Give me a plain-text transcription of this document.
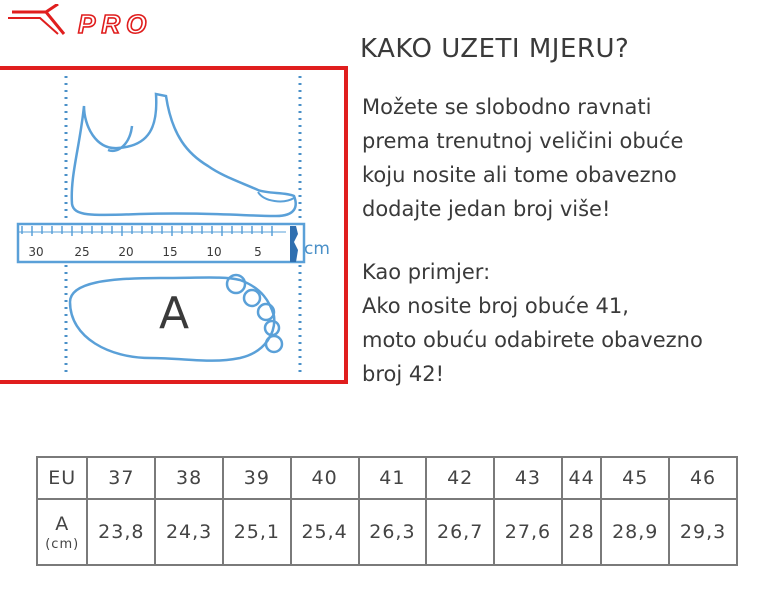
PRO
KAKO UZETI MJERU?
Možete se slobodno ravnati
prema trenutnoj veličini obuće
koju nosite ali tome obavezno
dodajte jedan broj više!
Kao primjer:
Ako nosite broj obuće 41,
moto obuću odabirete obavezno
broj 42!
30	25 20 15 10	5 cm
A
EU	37	38	39	40	41	42	43	44	45	46

A
(cm)	23,8	24,3	25,1	25,4	26,3	26,7	27,6	28	28,9	29,3
